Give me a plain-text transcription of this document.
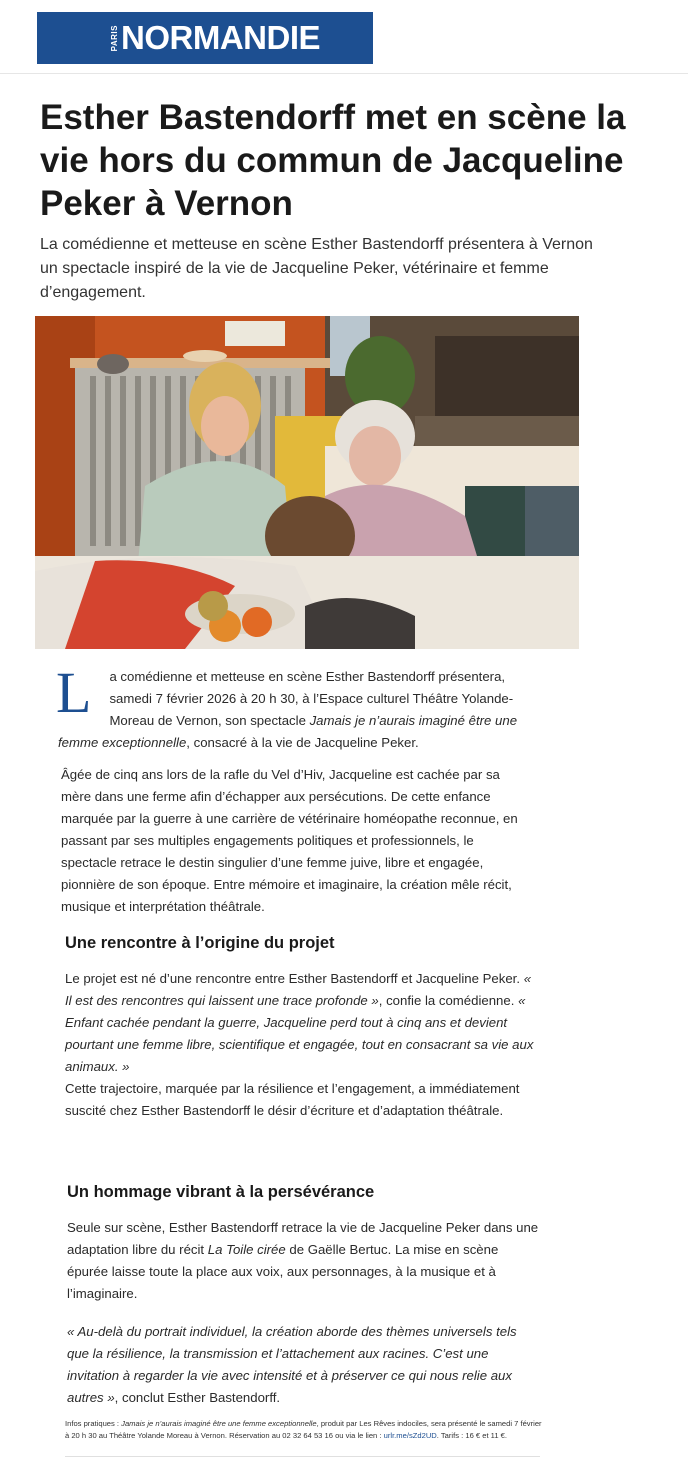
PARIS NORMANDIE
Esther Bastendorff met en scène la vie hors du commun de Jacqueline Peker à Vernon

La comédienne et metteuse en scène Esther Bastendorff présentera à Vernon un spectacle inspiré de la vie de Jacqueline Peker, vétérinaire et femme d’engagement.

L a comédienne et metteuse en scène Esther Bastendorff présentera, samedi 7 février 2026 à 20 h 30, à l’Espace culturel Théâtre Yolande-Moreau de Vernon, son spectacle Jamais je n’aurais imaginé être une femme exceptionnelle, consacré à la vie de Jacqueline Peker.

Âgée de cinq ans lors de la rafle du Vel d’Hiv, Jacqueline est cachée par sa mère dans une ferme afin d’échapper aux persécutions. De cette enfance marquée par la guerre à une carrière de vétérinaire homéopathe reconnue, en passant par ses multiples engagements politiques et professionnels, le spectacle retrace le destin singulier d’une femme juive, libre et engagée, pionnière de son époque. Entre mémoire et imaginaire, la création mêle récit, musique et interprétation théâtrale.

Une rencontre à l’origine du projet

Le projet est né d’une rencontre entre Esther Bastendorff et Jacqueline Peker. « Il est des rencontres qui laissent une trace profonde », confie la comédienne. « Enfant cachée pendant la guerre, Jacqueline perd tout à cinq ans et devient pourtant une femme libre, scientifique et engagée, tout en consacrant sa vie aux animaux. »

Cette trajectoire, marquée par la résilience et l’engagement, a immédiatement suscité chez Esther Bastendorff le désir d’écriture et d’adaptation théâtrale.

Un hommage vibrant à la persévérance

Seule sur scène, Esther Bastendorff retrace la vie de Jacqueline Peker dans une adaptation libre du récit La Toile cirée de Gaëlle Bertuc. La mise en scène épurée laisse toute la place aux voix, aux personnages, à la musique et à l’imaginaire.

« Au-delà du portrait individuel, la création aborde des thèmes universels tels que la résilience, la transmission et l’attachement aux racines. C’est une invitation à regarder la vie avec intensité et à préserver ce qui nous relie aux autres », conclut Esther Bastendorff.

Infos pratiques : Jamais je n’aurais imaginé être une femme exceptionnelle, produit par Les Rêves indociles, sera présenté le samedi 7 février à 20 h 30 au Théâtre Yolande Moreau à Vernon. Réservation au 02 32 64 53 16 ou via le lien : urlr.me/sZd2UD. Tarifs : 16 € et 11 €.
